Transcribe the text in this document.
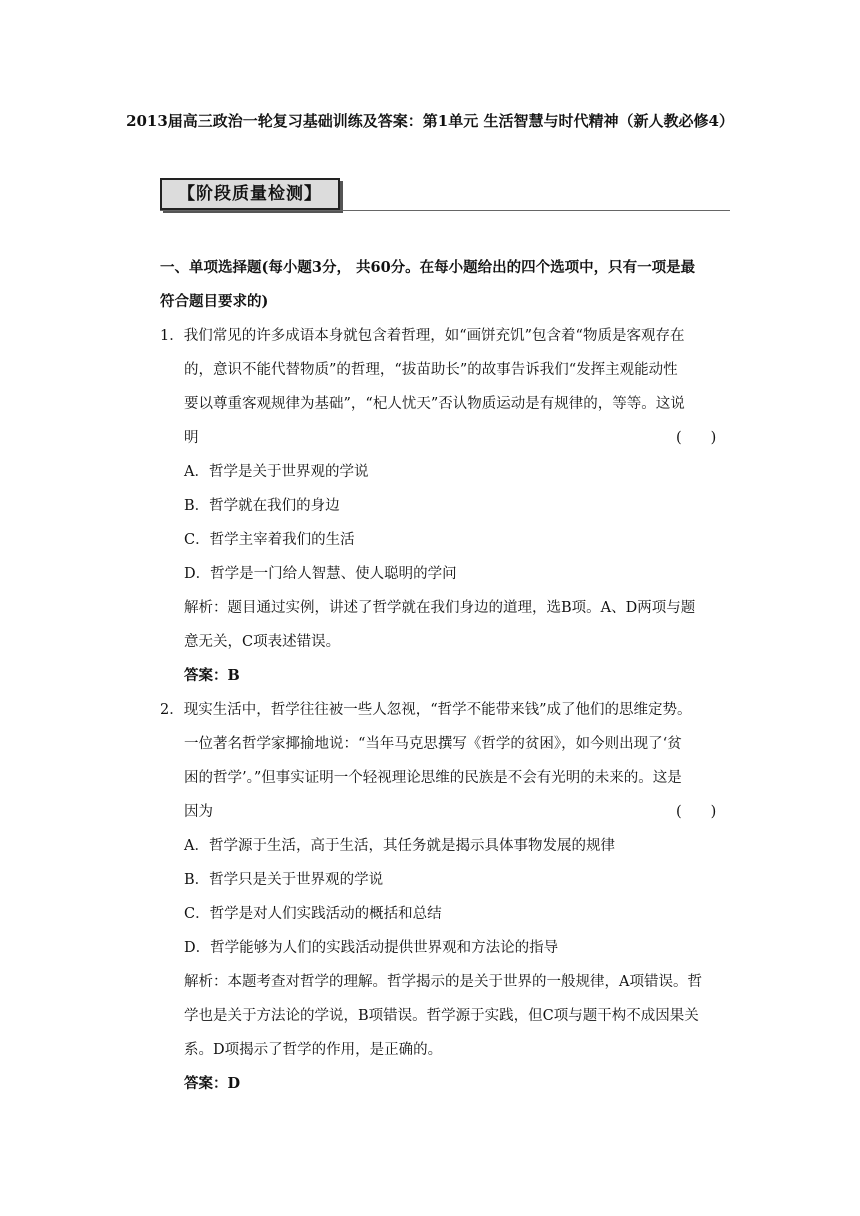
2013届高三政治一轮复习基础训练及答案：第1单元 生活智慧与时代精神（新人教必修4）
【阶段质量检测】
一、单项选择题(每小题3分， 共60分。在每小题给出的四个选项中，只有一项是最
符合题目要求的)
1．我们常见的许多成语本身就包含着哲理，如“画饼充饥”包含着“物质是客观存在
的，意识不能代替物质”的哲理，“拔苗助长”的故事告诉我们“发挥主观能动性
要以尊重客观规律为基础”，“杞人忧天”否认物质运动是有规律的，等等。这说
明	(　　)
A．哲学是关于世界观的学说
B．哲学就在我们的身边
C．哲学主宰着我们的生活
D．哲学是一门给人智慧、使人聪明的学问
解析：题目通过实例，讲述了哲学就在我们身边的道理，选B项。A、D两项与题
意无关，C项表述错误。
答案：B
2．现实生活中，哲学往往被一些人忽视，“哲学不能带来钱”成了他们的思维定势。
一位著名哲学家揶揄地说：“当年马克思撰写《哲学的贫困》，如今则出现了‘贫
困的哲学’。”但事实证明一个轻视理论思维的民族是不会有光明的未来的。这是
因为	(　　)
A．哲学源于生活，高于生活，其任务就是揭示具体事物发展的规律
B．哲学只是关于世界观的学说
C．哲学是对人们实践活动的概括和总结
D．哲学能够为人们的实践活动提供世界观和方法论的指导
解析：本题考查对哲学的理解。哲学揭示的是关于世界的一般规律，A项错误。哲
学也是关于方法论的学说，B项错误。哲学源于实践，但C项与题干构不成因果关
系。D项揭示了哲学的作用，是正确的。
答案：D
